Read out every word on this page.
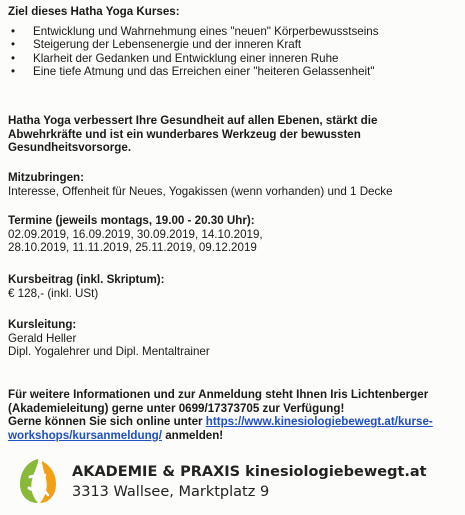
Ziel dieses Hatha Yoga Kurses:

• Entwicklung und Wahrnehmung eines "neuen" Körperbewusstseins
• Steigerung der Lebensenergie und der inneren Kraft
• Klarheit der Gedanken und Entwicklung einer inneren Ruhe
• Eine tiefe Atmung und das Erreichen einer "heiteren Gelassenheit"

Hatha Yoga verbessert Ihre Gesundheit auf allen Ebenen, stärkt die

Abwehrkräfte und ist ein wunderbares Werkzeug der bewussten

Gesundheitsvorsorge.

Mitzubringen:

Interesse, Offenheit für Neues, Yogakissen (wenn vorhanden) und 1 Decke

Termine (jeweils montags, 19.00 - 20.30 Uhr):

02.09.2019, 16.09.2019, 30.09.2019, 14.10.2019,

28.10.2019, 11.11.2019, 25.11.2019, 09.12.2019

Kursbeitrag (inkl. Skriptum):

€ 128,- (inkl. USt)

Kursleitung:

Gerald Heller

Dipl. Yogalehrer und Dipl. Mentaltrainer

Für weitere Informationen und zur Anmeldung steht Ihnen Iris Lichtenberger

(Akademieleitung) gerne unter 0699/17373705 zur Verfügung!

Gerne können Sie sich online unter https://www.kinesiologiebewegt.at/kurse-

workshops/kursanmeldung/ anmelden!

AKADEMIE & PRAXIS kinesiologiebewegt.at
3313 Wallsee, Marktplatz 9
